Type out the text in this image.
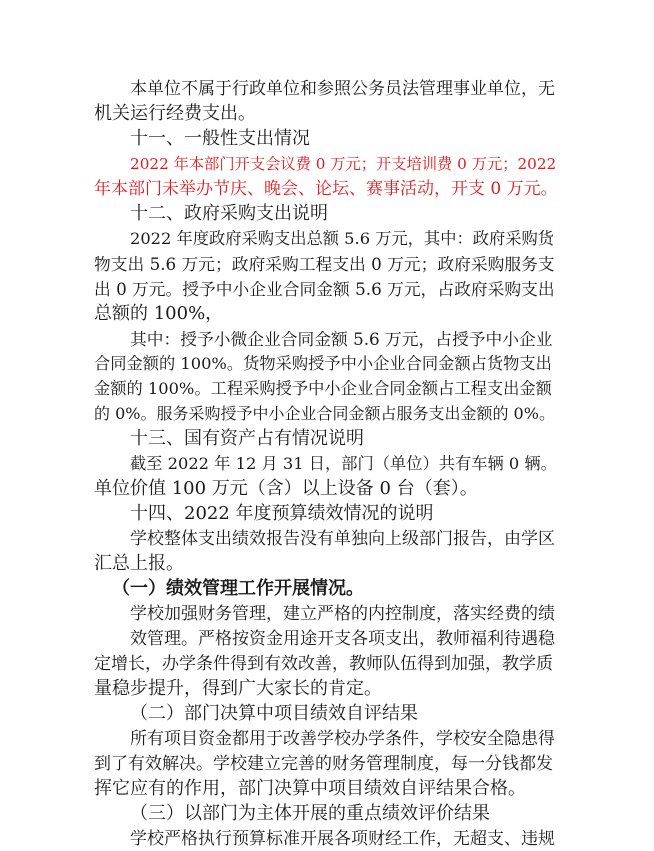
本单位不属于行政单位和参照公务员法管理事业单位，无
机关运行经费支出。
十一、一般性支出情况
2022 年本部门开支会议费 0 万元；开支培训费 0 万元；2022
年本部门未举办节庆、晚会、论坛、赛事活动，开支 0 万元。
十二、政府采购支出说明
2022 年度政府采购支出总额 5.6 万元，其中：政府采购货
物支出 5.6 万元；政府采购工程支出 0 万元；政府采购服务支
出 0 万元。授予中小企业合同金额 5.6 万元，占政府采购支出
总额的 100%，
其中：授予小微企业合同金额 5.6 万元，占授予中小企业
合同金额的 100%。货物采购授予中小企业合同金额占货物支出
金额的 100%。工程采购授予中小企业合同金额占工程支出金额
的 0%。服务采购授予中小企业合同金额占服务支出金额的 0%。
十三、国有资产占有情况说明
截至 2022 年 12 月 31 日，部门（单位）共有车辆 0 辆。
单位价值 100 万元（含）以上设备 0 台（套）。
十四、2022 年度预算绩效情况的说明
学校整体支出绩效报告没有单独向上级部门报告，由学区
汇总上报。
（一）绩效管理工作开展情况。
学校加强财务管理，建立严格的内控制度，落实经费的绩
效管理。严格按资金用途开支各项支出，教师福利待遇稳
定增长，办学条件得到有效改善，教师队伍得到加强，教学质
量稳步提升，得到广大家长的肯定。
（二）部门决算中项目绩效自评结果
所有项目资金都用于改善学校办学条件，学校安全隐患得
到了有效解决。学校建立完善的财务管理制度，每一分钱都发
挥它应有的作用，部门决算中项目绩效自评结果合格。
（三）以部门为主体开展的重点绩效评价结果
学校严格执行预算标准开展各项财经工作，无超支、违规
